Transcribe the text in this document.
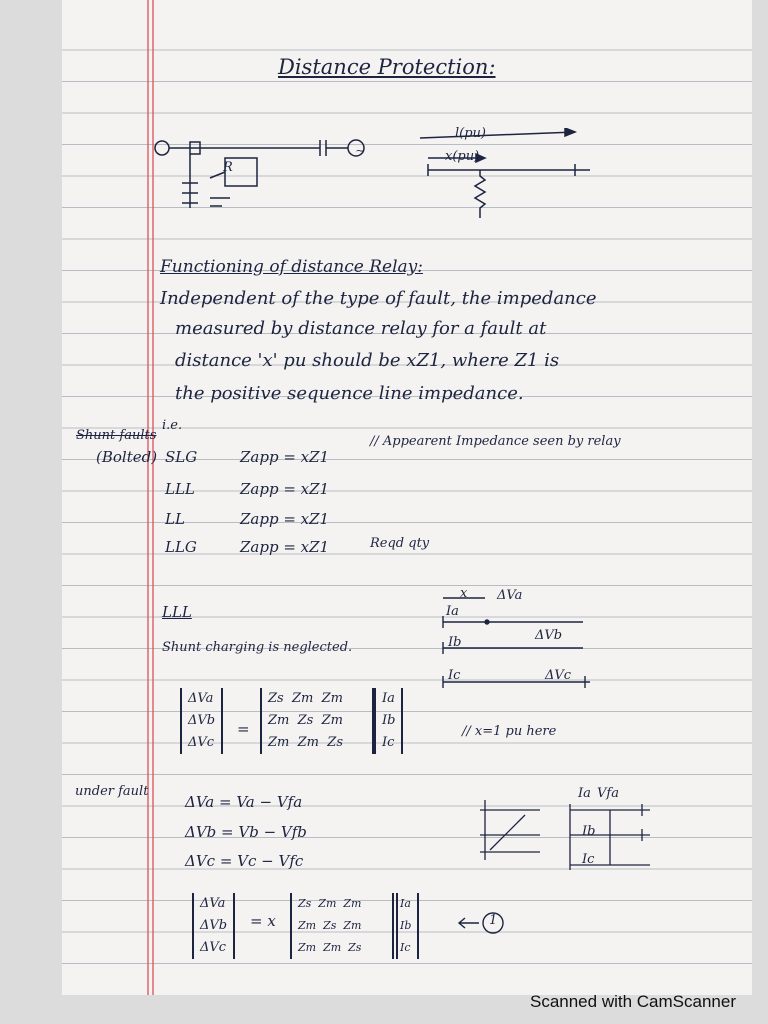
Distance Protection:
~
R
l(pu)
x(pu)
Functioning of distance Relay:
Independent of the type of fault, the impedance
measured by distance relay for a fault at
distance 'x' pu should be xZ1, where Z1 is
the positive sequence line impedance.
i.e.
Shunt faults
(Bolted) SLG	Zapp = xZ1
LLL	Zapp = xZ1
LL	Zapp = xZ1
LLG	Zapp = xZ1
// Appearent Impedance seen by relay
Reqd qty
LLL
Shunt charging is neglected.
x ΔVa
Ia
Ib	ΔVb
Ic	ΔVc
ΔVa
ΔVb
ΔVc
=
Zs Zm Zm
Zm Zs Zm
Zm Zm Zs
Ia
Ib
Ic
// x=1 pu here
under fault
ΔVa = Va − Vfa
ΔVb = Vb − Vfb
ΔVc = Vc − Vfc
Ia Vfa
Ib
Ic
ΔVa
ΔVb
ΔVc
= x
Zs Zm Zm
Zm Zs Zm
Zm Zm Zs
Ia
Ib
Ic
1
Scanned with CamScanner
